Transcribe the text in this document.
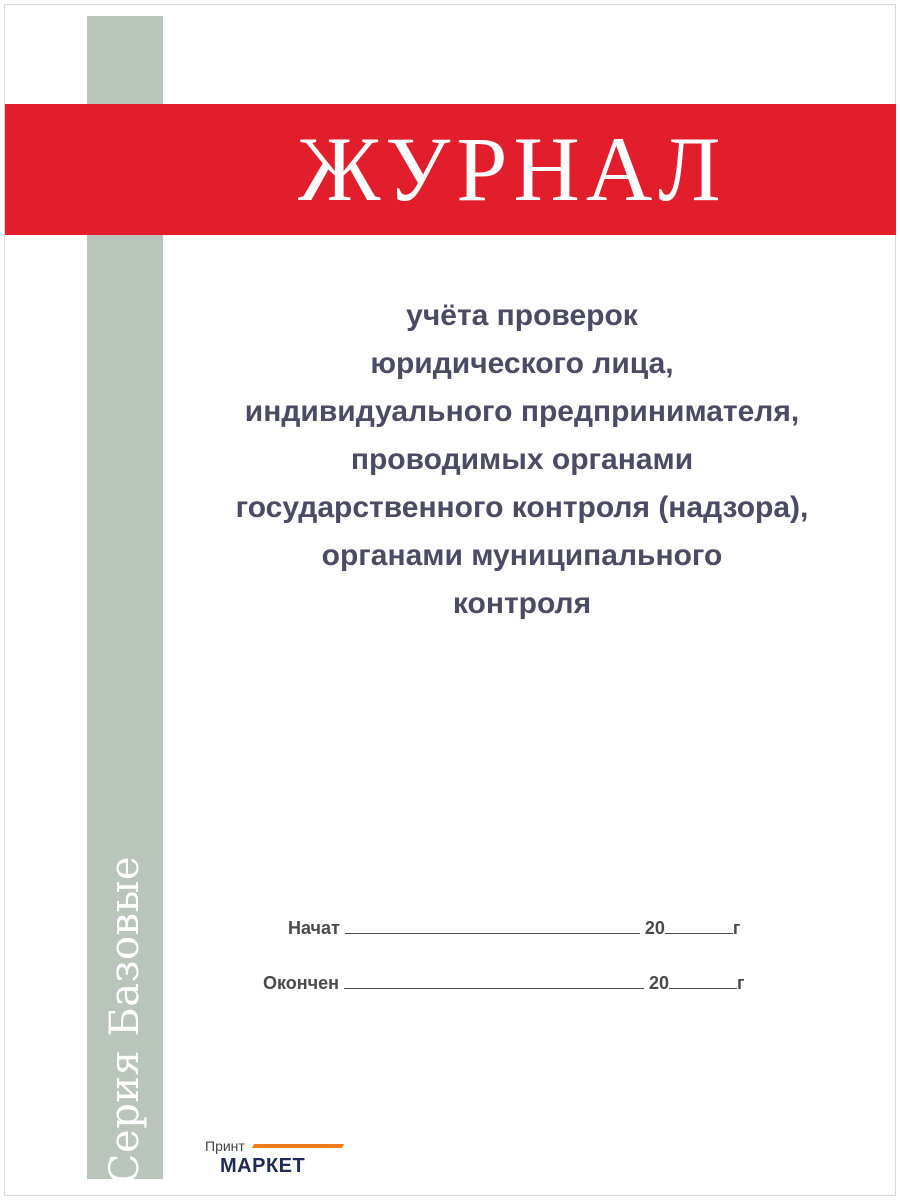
Серия Базовые
ЖУРНАЛ
учёта проверок
юридического лица,
индивидуального предпринимателя,
проводимых органами
государственного контроля (надзора),
органами муниципального
контроля
Начат	20	г
Окончен	20	г
Принт
МАРКЕТ
